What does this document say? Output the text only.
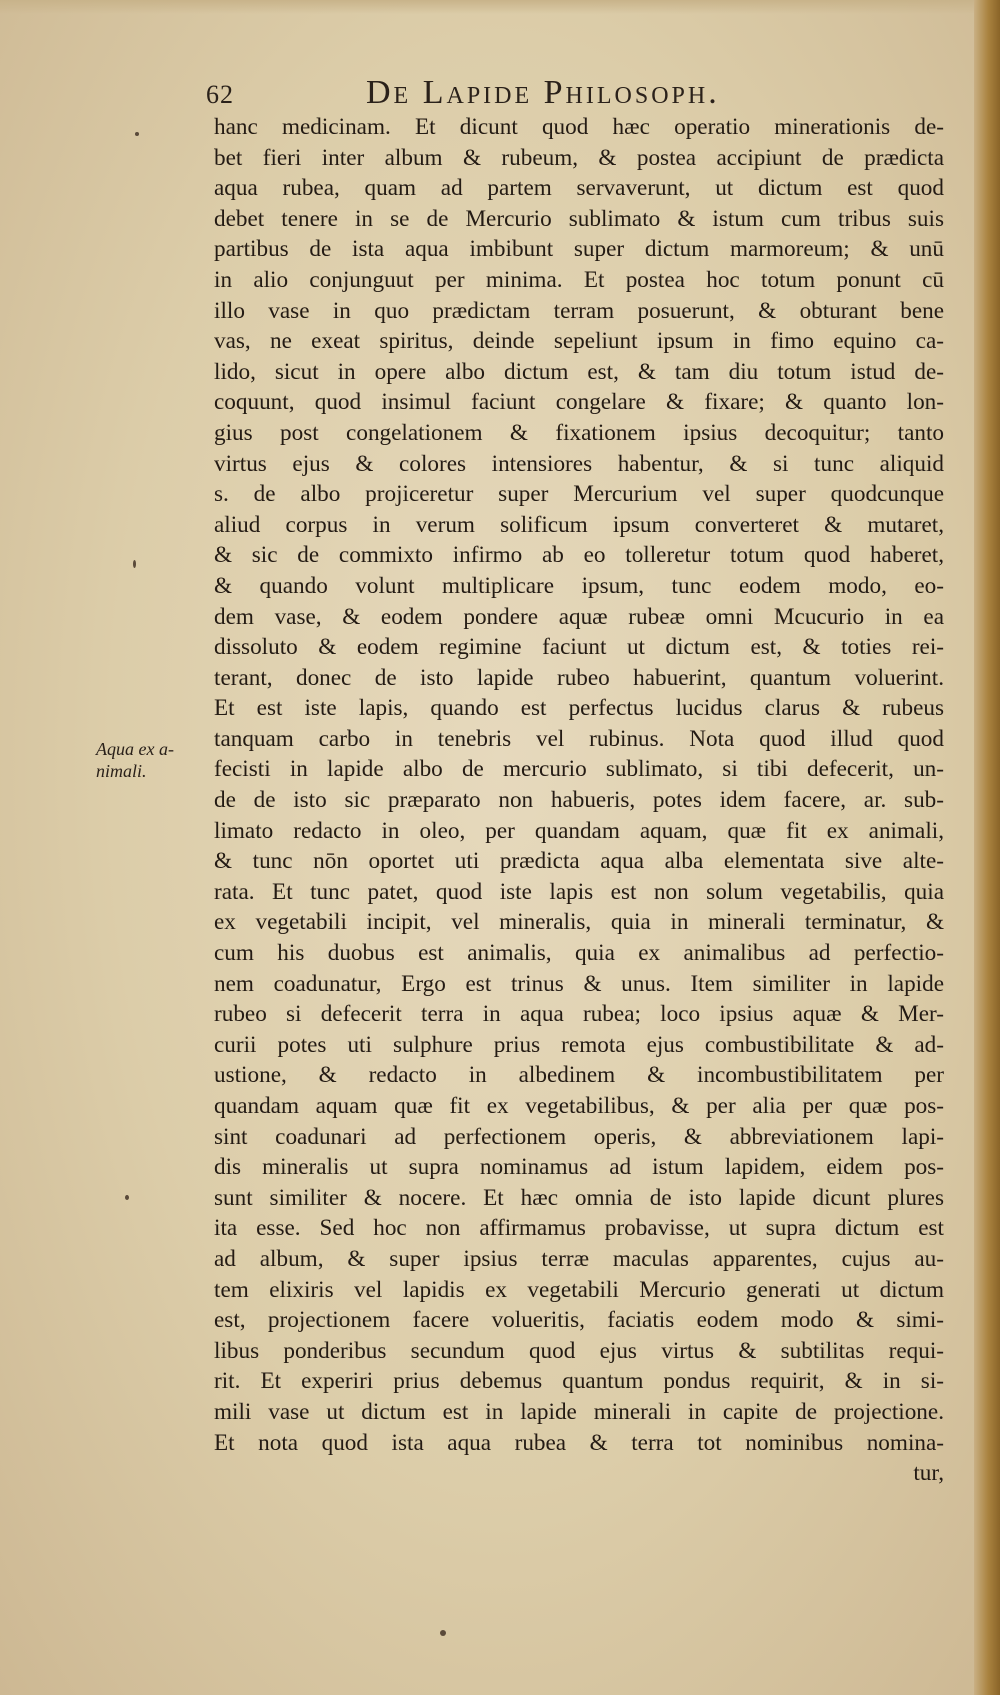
62	De Lapide Philosoph.
Aqua ex a-
nimali.
hanc medicinam. Et dicunt quod hæc operatio minerationis de-
bet fieri inter album & rubeum, & postea accipiunt de prædicta
aqua rubea, quam ad partem servaverunt, ut dictum est quod
debet tenere in se de Mercurio sublimato & istum cum tribus suis
partibus de ista aqua imbibunt super dictum marmoreum; & unū
in alio conjunguut per minima. Et postea hoc totum ponunt cū
illo vase in quo prædictam terram posuerunt, & obturant bene
vas, ne exeat spiritus, deinde sepeliunt ipsum in fimo equino ca-
lido, sicut in opere albo dictum est, & tam diu totum istud de-
coquunt, quod insimul faciunt congelare & fixare; & quanto lon-
gius post congelationem & fixationem ipsius decoquitur; tanto
virtus ejus & colores intensiores habentur, & si tunc aliquid
s. de albo projiceretur super Mercurium vel super quodcunque
aliud corpus in verum solificum ipsum converteret & mutaret,
& sic de commixto infirmo ab eo tolleretur totum quod haberet,
& quando volunt multiplicare ipsum, tunc eodem modo, eo-
dem vase, & eodem pondere aquæ rubeæ omni Mcucurio in ea
dissoluto & eodem regimine faciunt ut dictum est, & toties rei-
terant, donec de isto lapide rubeo habuerint, quantum voluerint.
Et est iste lapis, quando est perfectus lucidus clarus & rubeus
tanquam carbo in tenebris vel rubinus. Nota quod illud quod
fecisti in lapide albo de mercurio sublimato, si tibi defecerit, un-
de de isto sic præparato non habueris, potes idem facere, ar. sub-
limato redacto in oleo, per quandam aquam, quæ fit ex animali,
& tunc nōn oportet uti prædicta aqua alba elementata sive alte-
rata. Et tunc patet, quod iste lapis est non solum vegetabilis, quia
ex vegetabili incipit, vel mineralis, quia in minerali terminatur, &
cum his duobus est animalis, quia ex animalibus ad perfectio-
nem coadunatur, Ergo est trinus & unus. Item similiter in lapide
rubeo si defecerit terra in aqua rubea; loco ipsius aquæ & Mer-
curii potes uti sulphure prius remota ejus combustibilitate & ad-
ustione, & redacto in albedinem & incombustibilitatem per
quandam aquam quæ fit ex vegetabilibus, & per alia per quæ pos-
sint coadunari ad perfectionem operis, & abbreviationem lapi-
dis mineralis ut supra nominamus ad istum lapidem, eidem pos-
sunt similiter & nocere. Et hæc omnia de isto lapide dicunt plures
ita esse. Sed hoc non affirmamus probavisse, ut supra dictum est
ad album, & super ipsius terræ maculas apparentes, cujus au-
tem elixiris vel lapidis ex vegetabili Mercurio generati ut dictum
est, projectionem facere volueritis, faciatis eodem modo & simi-
libus ponderibus secundum quod ejus virtus & subtilitas requi-
rit. Et experiri prius debemus quantum pondus requirit, & in si-
mili vase ut dictum est in lapide minerali in capite de projectione.
Et nota quod ista aqua rubea & terra tot nominibus nomina-
tur,
